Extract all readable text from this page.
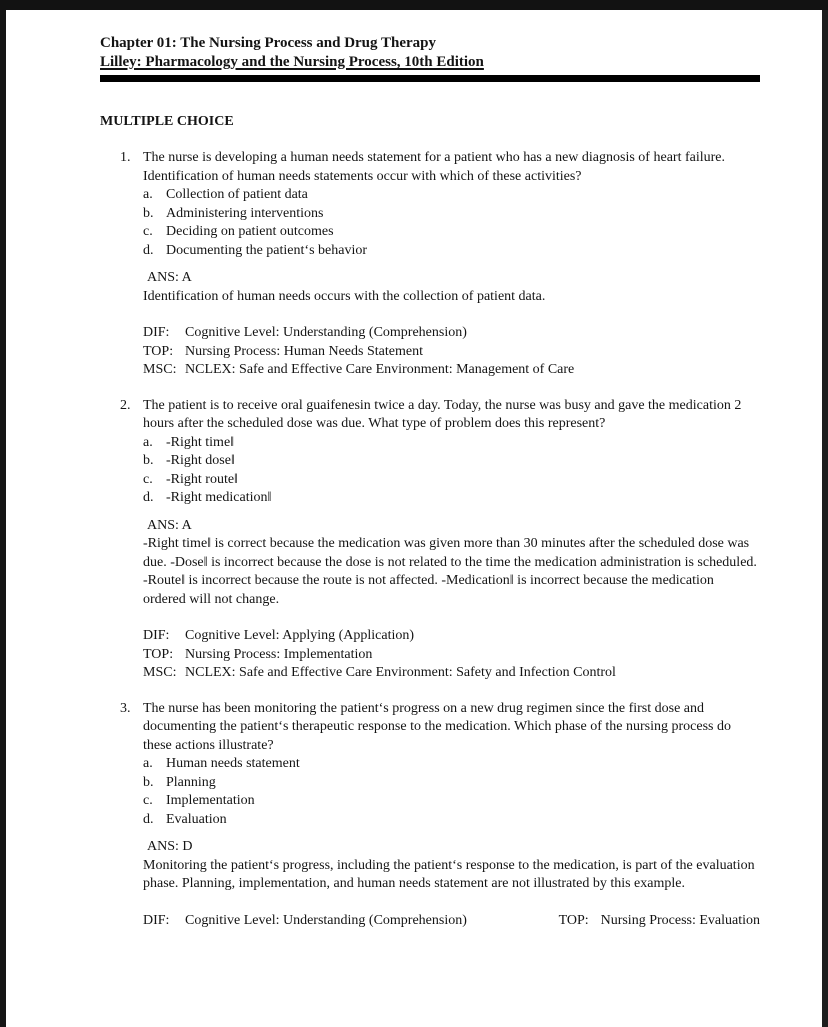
Chapter 01: The Nursing Process and Drug Therapy
Lilley: Pharmacology and the Nursing Process, 10th Edition
MULTIPLE CHOICE
1. The nurse is developing a human needs statement for a patient who has a new diagnosis of heart failure. Identification of human needs statements occur with which of these activities?

a. Collection of patient data
b. Administering interventions
c. Deciding on patient outcomes
d. Documenting the patient‘s behavior
ANS: A

Identification of human needs occurs with the collection of patient data.

DIF: Cognitive Level: Understanding (Comprehension)
TOP: Nursing Process: Human Needs Statement
MSC: NCLEX: Safe and Effective Care Environment: Management of Care
2. The patient is to receive oral guaifenesin twice a day. Today, the nurse was busy and gave the medication 2 hours after the scheduled dose was due. What type of problem does this represent?

a. -Right time‖
b. -Right dose‖
c. -Right route‖
d. -Right medication‖
ANS: A

-Right time‖ is correct because the medication was given more than 30 minutes after the scheduled dose was due. -Dose‖ is incorrect because the dose is not related to the time the medication administration is scheduled. -Route‖ is incorrect because the route is not affected. -Medication‖ is incorrect because the medication ordered will not change.

DIF: Cognitive Level: Applying (Application)
TOP: Nursing Process: Implementation
MSC: NCLEX: Safe and Effective Care Environment: Safety and Infection Control
3. The nurse has been monitoring the patient‘s progress on a new drug regimen since the first dose and documenting the patient‘s therapeutic response to the medication. Which phase of the nursing process do these actions illustrate?

a. Human needs statement
b. Planning
c. Implementation
d. Evaluation
ANS: D

Monitoring the patient‘s progress, including the patient‘s response to the medication, is part of the evaluation phase. Planning, implementation, and human needs statement are not illustrated by this example.

DIF: Cognitive Level: Understanding (Comprehension)	TOP: Nursing Process: Evaluation
